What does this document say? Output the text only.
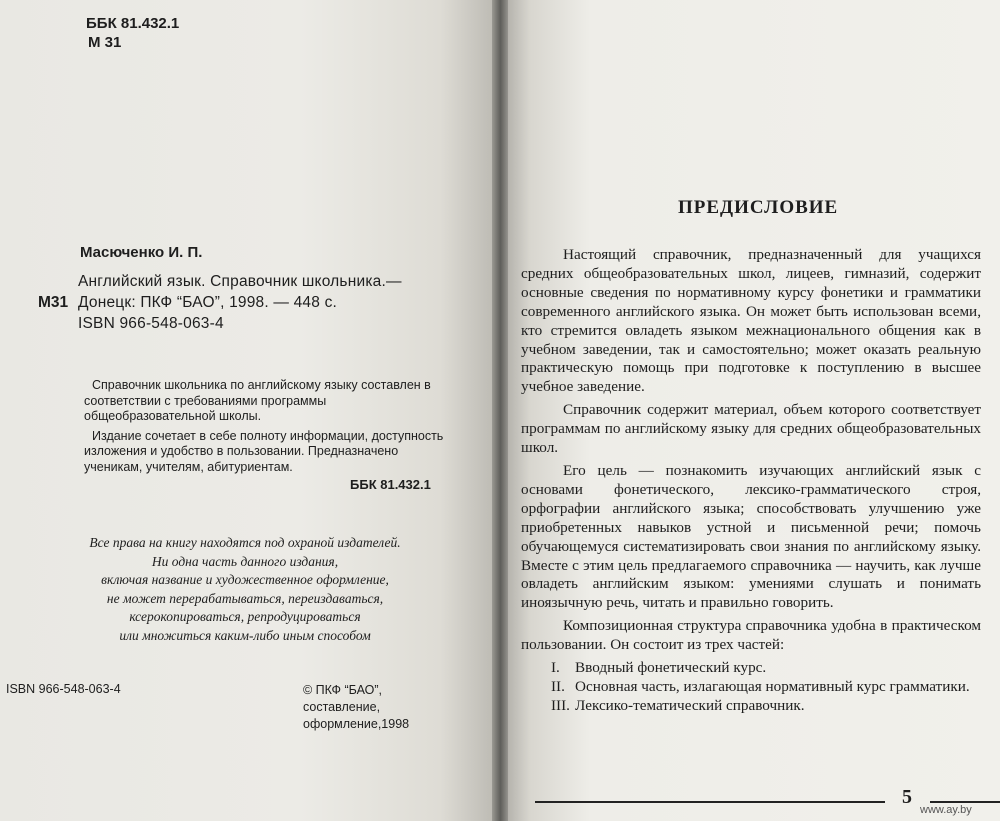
ББК 81.432.1
М 31
Масюченко И. П.
Английский язык. Справочник школьника.—
М31 Донецк: ПКФ “БАО”, 1998. — 448 с.
ISBN 966-548-063-4

Справочник школьника по английскому языку составлен в соответствии с требованиями программы общеобразовательной школы.

Издание сочетает в себе полноту информации, доступность изложения и удобство в пользовании. Предназначено ученикам, учителям, абитуриентам.

ББК 81.432.1
Все права на книгу находятся под охраной издателей.
Ни одна часть данного издания,
включая название и художественное оформление,
не может перерабатываться, переиздаваться,
ксерокопироваться, репродуцироваться
или множиться каким-либо иным способом
ISBN 966-548-063-4	© ПКФ “БАО”,
составление,
оформление,1998
ПРЕДИСЛОВИЕ

Настоящий справочник, предназначенный для учащихся средних общеобразовательных школ, лицеев, гимназий, содержит основные сведения по нормативному курсу фонетики и грамматики современного английского языка. Он может быть использован всеми, кто стремится овладеть языком межнационального общения как в учебном заведении, так и самостоятельно; может оказать реальную практическую помощь при подготовке к поступлению в высшее учебное заведение.

Справочник содержит материал, объем которого соответствует программам по английскому языку для средних общеобразовательных школ.

Его цель — познакомить изучающих английский язык с основами фонетического, лексико-грамматического строя, орфографии английского языка; способствовать улучшению уже приобретенных навыков устной и письменной речи; помочь обучающемуся систематизировать свои знания по английскому языку. Вместе с этим цель предлагаемого справочника — научить, как лучше овладеть английским языком: умениями слушать и понимать иноязычную речь, читать и правильно говорить.

Композиционная структура справочника удобна в практическом пользовании. Он состоит из трех частей:

I. Вводный фонетический курс.
II. Основная часть, излагающая нормативный курс грамматики.
III. Лексико-тематический справочник.
5
www.ay.by
